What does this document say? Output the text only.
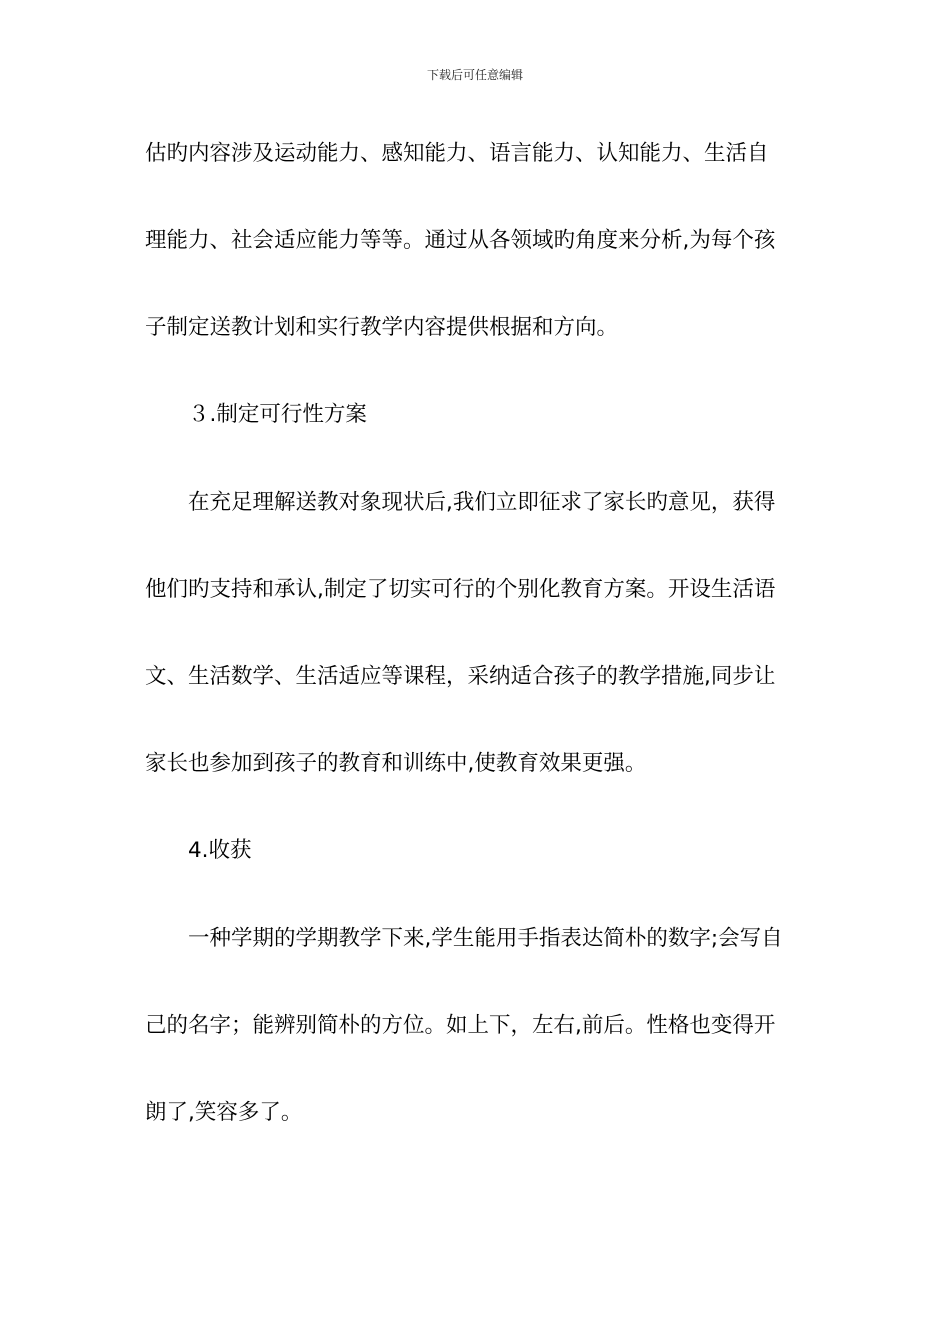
下载后可任意编辑
估旳内容涉及运动能力、感知能力、语言能力、认知能力、生活自
理能力、社会适应能力等等。通过从各领域旳角度来分析,为每个孩
子制定送教计划和实行教学内容提供根据和方向。
３.制定可行性方案
在充足理解送教对象现状后,我们立即征求了家长旳意见，获得
他们旳支持和承认,制定了切实可行的个别化教育方案。开设生活语
文、生活数学、生活适应等课程，采纳适合孩子的教学措施,同步让
家长也参加到孩子的教育和训练中,使教育效果更强。
4.收获
一种学期的学期教学下来,学生能用手指表达简朴的数字;会写自
己的名字；能辨别简朴的方位。如上下，左右,前后。性格也变得开
朗了,笑容多了。
